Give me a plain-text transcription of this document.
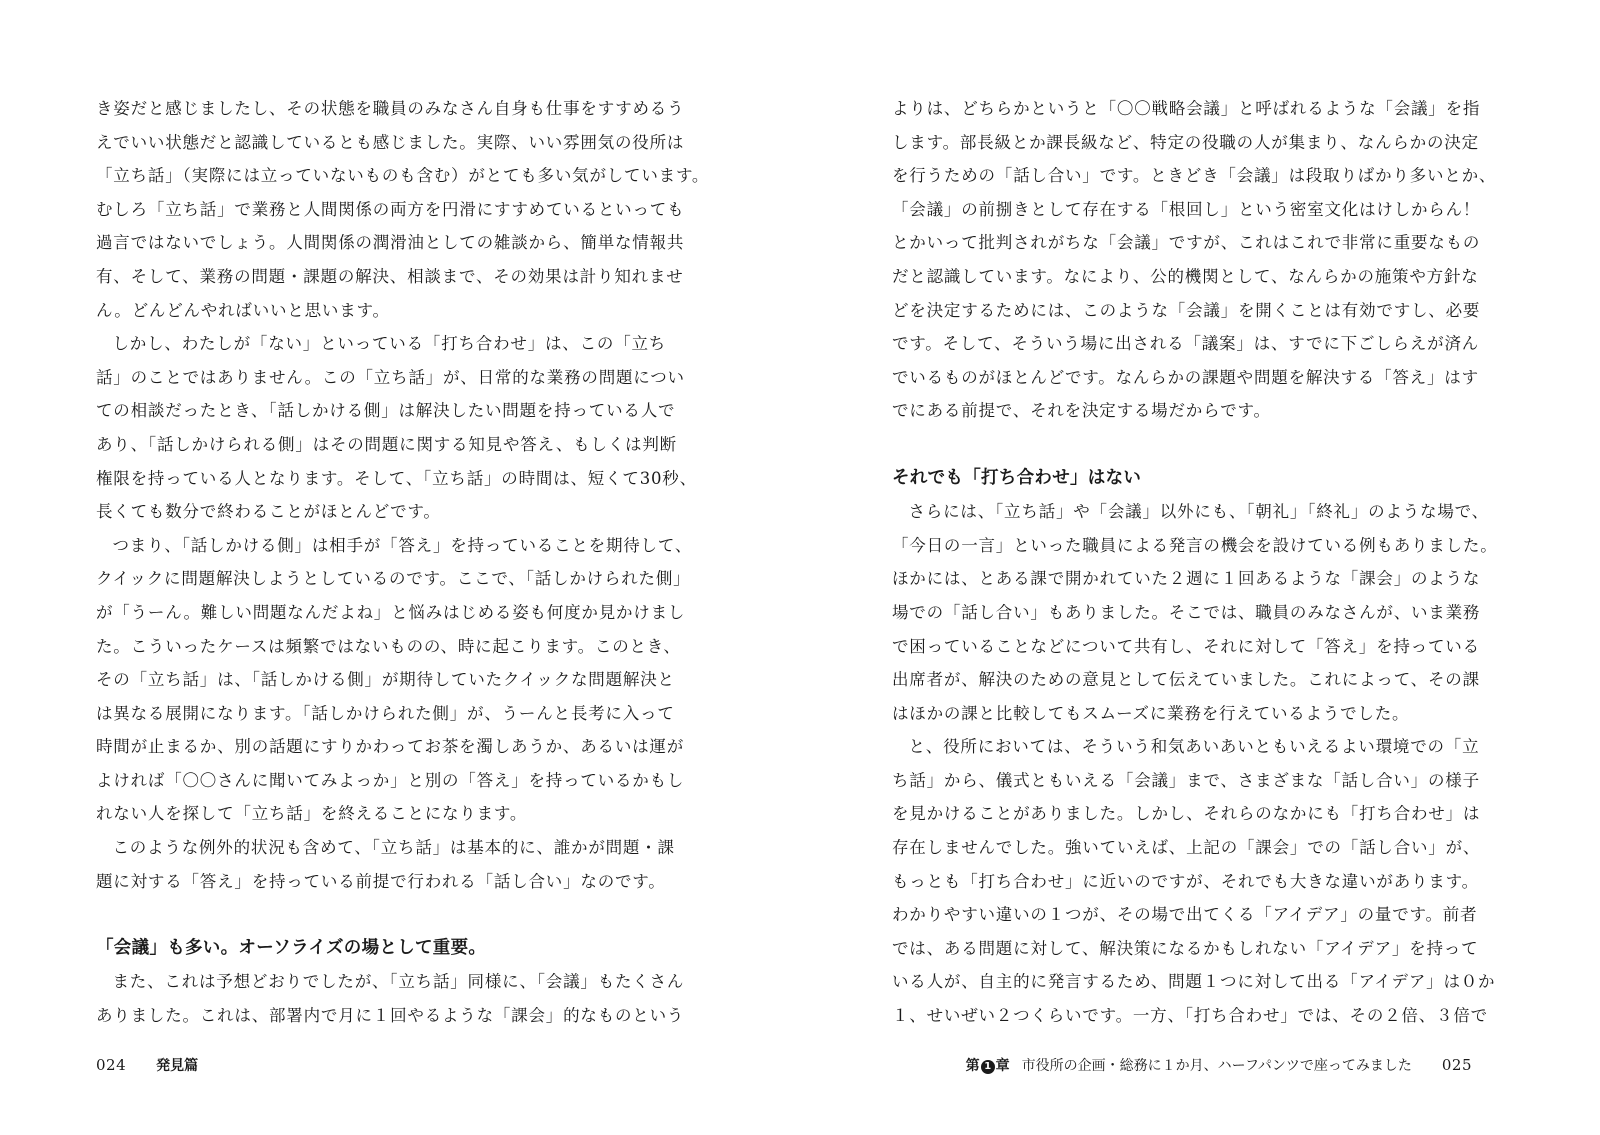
き姿だと感じましたし、その状態を職員のみなさん自身も仕事をすすめるう
えでいい状態だと認識しているとも感じました。実際、いい雰囲気の役所は
「立ち話」（実際には立っていないものも含む）がとても多い気がしています。
むしろ「立ち話」で業務と人間関係の両方を円滑にすすめているといっても
過言ではないでしょう。人間関係の潤滑油としての雑談から、簡単な情報共
有、そして、業務の問題・課題の解決、相談まで、その効果は計り知れませ
ん。どんどんやればいいと思います。
しかし、わたしが「ない」といっている「打ち合わせ」は、この「立ち
話」のことではありません。この「立ち話」が、日常的な業務の問題につい
ての相談だったとき、「話しかける側」は解決したい問題を持っている人で
あり、「話しかけられる側」はその問題に関する知見や答え、もしくは判断
権限を持っている人となります。そして、「立ち話」の時間は、短くて30秒、
長くても数分で終わることがほとんどです。
つまり、「話しかける側」は相手が「答え」を持っていることを期待して、
クイックに問題解決しようとしているのです。ここで、「話しかけられた側」
が「うーん。難しい問題なんだよね」と悩みはじめる姿も何度か見かけまし
た。こういったケースは頻繁ではないものの、時に起こります。このとき、
その「立ち話」は、「話しかける側」が期待していたクイックな問題解決と
は異なる展開になります。「話しかけられた側」が、うーんと長考に入って
時間が止まるか、別の話題にすりかわってお茶を濁しあうか、あるいは運が
よければ「〇〇さんに聞いてみよっか」と別の「答え」を持っているかもし
れない人を探して「立ち話」を終えることになります。
このような例外的状況も含めて、「立ち話」は基本的に、誰かが問題・課
題に対する「答え」を持っている前提で行われる「話し合い」なのです。
「会議」も多い。オーソライズの場として重要。
また、これは予想どおりでしたが、「立ち話」同様に、「会議」もたくさん
ありました。これは、部署内で月に１回やるような「課会」的なものという
024 発見篇
よりは、どちらかというと「〇〇戦略会議」と呼ばれるような「会議」を指
します。部長級とか課長級など、特定の役職の人が集まり、なんらかの決定
を行うための「話し合い」です。ときどき「会議」は段取りばかり多いとか、
「会議」の前捌きとして存在する「根回し」という密室文化はけしからん！
とかいって批判されがちな「会議」ですが、これはこれで非常に重要なもの
だと認識しています。なにより、公的機関として、なんらかの施策や方針な
どを決定するためには、このような「会議」を開くことは有効ですし、必要
です。そして、そういう場に出される「議案」は、すでに下ごしらえが済ん
でいるものがほとんどです。なんらかの課題や問題を解決する「答え」はす
でにある前提で、それを決定する場だからです。
それでも「打ち合わせ」はない
さらには、「立ち話」や「会議」以外にも、「朝礼」「終礼」のような場で、
「今日の一言」といった職員による発言の機会を設けている例もありました。
ほかには、とある課で開かれていた２週に１回あるような「課会」のような
場での「話し合い」もありました。そこでは、職員のみなさんが、いま業務
で困っていることなどについて共有し、それに対して「答え」を持っている
出席者が、解決のための意見として伝えていました。これによって、その課
はほかの課と比較してもスムーズに業務を行えているようでした。
と、役所においては、そういう和気あいあいともいえるよい環境での「立
ち話」から、儀式ともいえる「会議」まで、さまざまな「話し合い」の様子
を見かけることがありました。しかし、それらのなかにも「打ち合わせ」は
存在しませんでした。強いていえば、上記の「課会」での「話し合い」が、
もっとも「打ち合わせ」に近いのですが、それでも大きな違いがあります。
わかりやすい違いの１つが、その場で出てくる「アイデア」の量です。前者
では、ある問題に対して、解決策になるかもしれない「アイデア」を持って
いる人が、自主的に発言するため、問題１つに対して出る「アイデア」は０か
１、せいぜい２つくらいです。一方、「打ち合わせ」では、その２倍、３倍で
第 1 章 市役所の企画・総務に１か月、ハーフパンツで座ってみました 025
